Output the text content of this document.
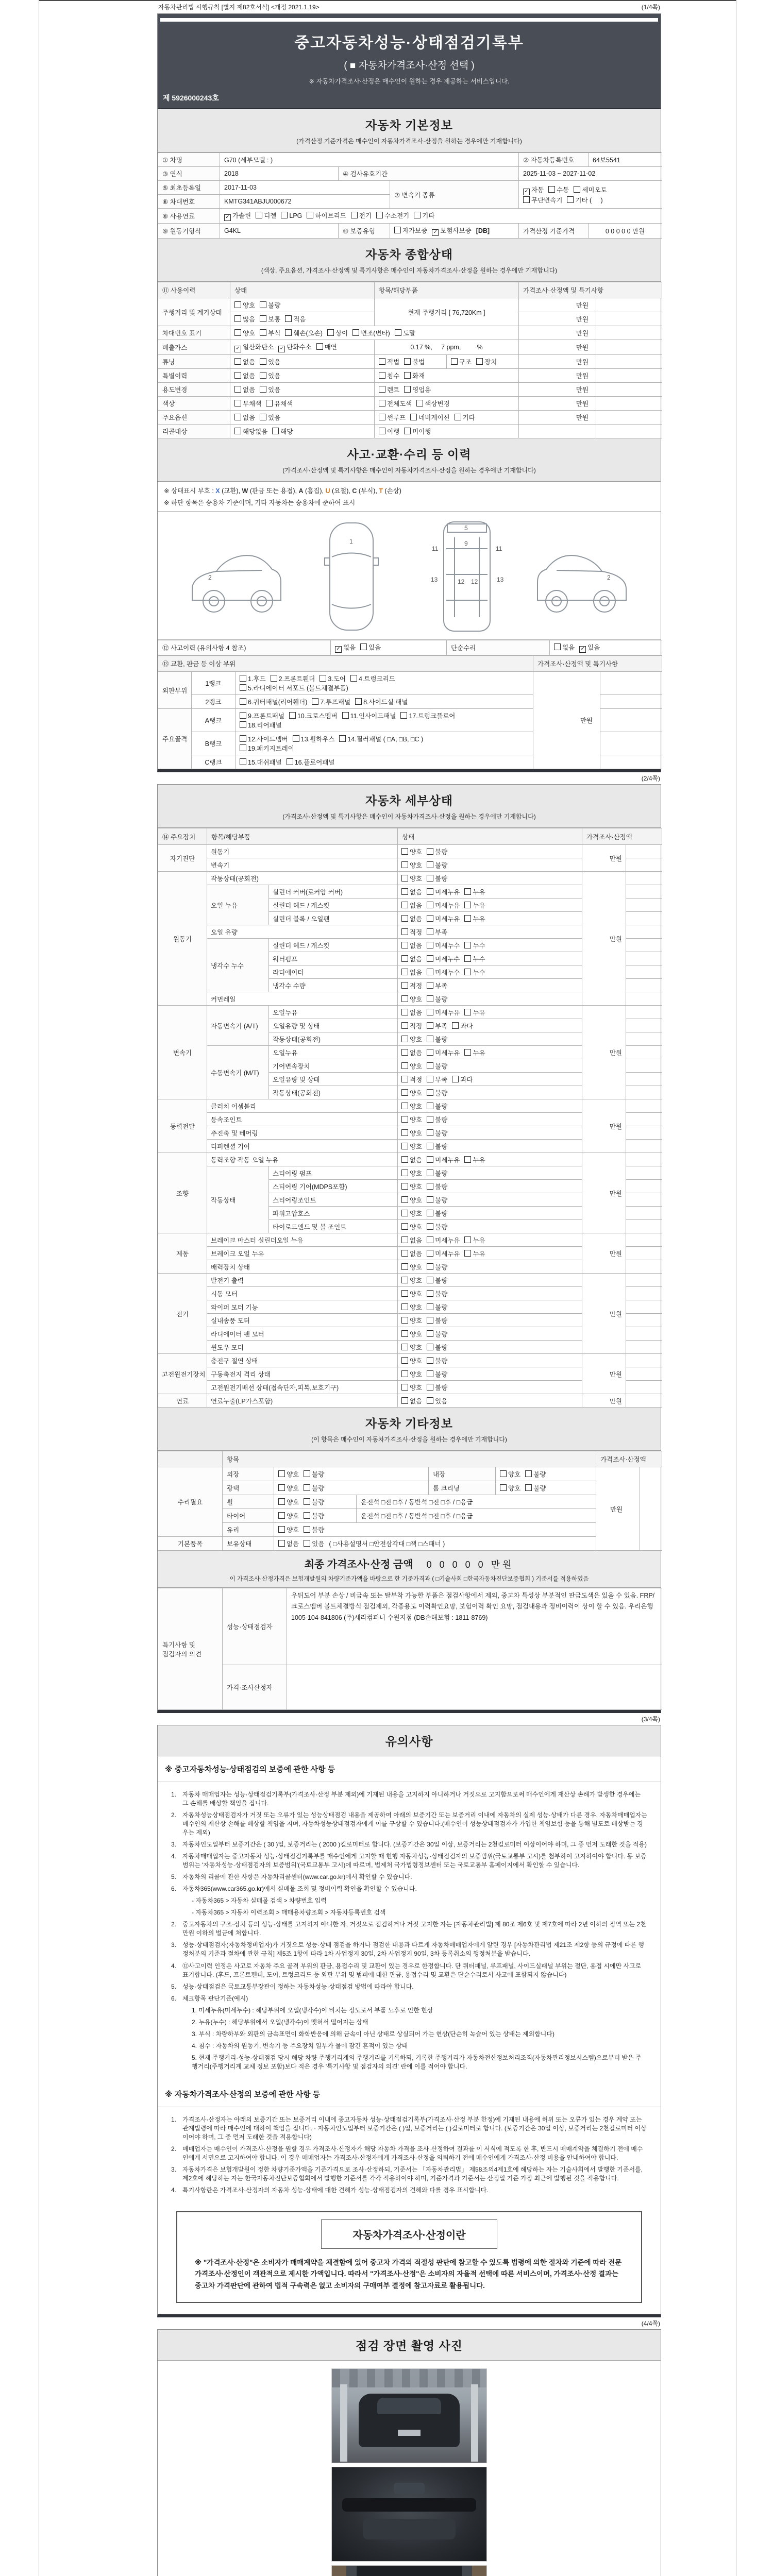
자동차관리법 시행규칙 [별지 제82호서식] <개정 2021.1.19>	(1/4쪽)
중고자동차성능·상태점검기록부
( ■ 자동차가격조사·산정 선택 )
※ 자동차가격조사·산정은 매수인이 원하는 경우 제공하는 서비스입니다.
제 5926000243호
자동차 기본정보
(가격산정 기준가격은 매수인이 자동차가격조사·산정을 원하는 경우에만 기재합니다)
① 차명	G70 (세부모델 : )			② 자동차등록번호	64보5541
③ 연식	2018	④ 검사유효기간		2025-11-03 ~ 2027-11-02	
⑤ 최초등록일	2017-11-03		⑦ 변속기 종류	✓ 자동 수동 세미오토
무단변속기 기타 (     )	

⑥ 차대번호	KMTG341ABJU000672				
⑧ 사용연료	✓ 가솔린 디젤 LPG 하이브리드 전기 수소전기 기타				
⑨ 원동기형식	G4KL	⑩ 보증유형	자가보증 ✓ 보험사보증 [DB]	가격산정 기준가격	0 0 0 0 0 만원
자동차 종합상태
(색상, 주요옵션, 가격조사·산정액 및 특기사항은 매수인이 자동차가격조사·산정을 원하는 경우에만 기재합니다)
⑪ 사용이력	상태	항목/해당부품	가격조사·산정액 및 특기사항	
주행거리 및 계기상태	양호 불량	현재 주행거리 [ 76,720Km ]	만원	
	많음 보통 적음		만원	
차대번호 표기	양호 부식 훼손(오손) 상이 변조(변타) 도말		만원	
배출가스	✓ 일산화탄소 ✓ 탄화수소 매연	0.17 %,     7 ppm,         %	만원	
튜닝	없음 있음	적법 불법 구조 장치	만원	
특별이력	없음 있음	침수 화재	만원	
용도변경	없음 있음	렌트 영업용	만원	
색상	무채색 유채색	전체도색 색상변경	만원	
주요옵션	없음 있음	썬루프 네비게이션 기타	만원	
리콜대상	해당없음 해당	이행 미이행		
사고·교환·수리 등 이력
(가격조사·산정액 및 특기사항은 매수인이 자동차가격조사·산정을 원하는 경우에만 기재합니다)
※ 상태표시 부호 : X (교환), W (판금 또는 용접), A (흠집), U (요철), C (부식), T (손상)
※ 하단 항목은 승용차 기준이며, 기타 자동차는 승용차에 준하여 표시
2
1
5
9
11	11
13	13
12 12
2
⑫ 사고이력 (유의사항 4 참조)	✓ 없음 있음	단순수리	없음 ✓ 있음
⑬ 교환, 판금 등 이상 부위			가격조사·산정액 및 특기사항	
외판부위	1랭크	1.후드 2.프론트휀더 3.도어 4.트렁크리드
5.라디에이터 서포트 (볼트체결부품)	만원	
	2랭크	6.쿼터패널(리어휀더) 7.루프패널 8.사이드실 패널		

주요골격	A랭크	9.프론트패널 10.크로스멤버 11.인사이드패널 17.트렁크플로어
18.리어패널		

	B랭크	12.사이드멤버 13.휠하우스 14.필러패널 ( □A, □B, □C )
19.패키지트레이		

	C랭크	15.대쉬패널 16.플로어패널		

(2/4쪽)
자동차 세부상태
(가격조사·산정액 및 특기사항은 매수인이 자동차가격조사·산정을 원하는 경우에만 기재합니다)
⑭ 주요장치	항목/해당부품		상태	가격조사·산정액	
자기진단	원동기		양호 불량	만원	
	변속기		양호 불량		
원동기	작동상태(공회전)		양호 불량	만원	
	오일 누유	실린더 커버(로커암 커버)	없음 미세누유 누유		
		실린더 헤드 / 개스킷	없음 미세누유 누유		
		실린더 블록 / 오일팬	없음 미세누유 누유		
	오일 유량		적정 부족		
	냉각수 누수	실린더 헤드 / 개스킷	없음 미세누수 누수		
		워터펌프	없음 미세누수 누수		
		라디에이터	없음 미세누수 누수		
		냉각수 수량	적정 부족		
	커먼레일		양호 불량		
변속기	자동변속기 (A/T)	오일누유	없음 미세누유 누유	만원	
		오일유량 및 상태	적정 부족 과다		
		작동상태(공회전)	양호 불량		
	수동변속기 (M/T)	오일누유	없음 미세누유 누유		
		기어변속장치	양호 불량		
		오일유량 및 상태	적정 부족 과다		
		작동상태(공회전)	양호 불량		
동력전달	클러치 어셈블리		양호 불량	만원	
	등속조인트		양호 불량		
	추진축 및 베어링		양호 불량		
	디퍼렌셜 기어		양호 불량		
조향	동력조향 작동 오일 누유		없음 미세누유 누유	만원	
	작동상태	스티어링 펌프	양호 불량		
		스티어링 기어(MDPS포함)	양호 불량		
		스티어링조인트	양호 불량		
		파워고압호스	양호 불량		
		타이로드엔드 및 볼 조인트	양호 불량		
제동	브레이크 마스터 실린더오일 누유		없음 미세누유 누유	만원	
	브레이크 오일 누유		없음 미세누유 누유		
	배력장치 상태		양호 불량		
전기	발전기 출력		양호 불량	만원	
	시동 모터		양호 불량		
	와이퍼 모터 기능		양호 불량		
	실내송풍 모터		양호 불량		
	라디에이터 팬 모터		양호 불량		
	윈도우 모터		양호 불량		
고전원전기장치	충전구 절연 상태		양호 불량	만원	
	구동축전지 격리 상태		양호 불량		
	고전원전기배선 상태(접속단자,피복,보호기구)		양호 불량		
연료	연료누출(LP가스포함)		없음 있음	만원	
자동차 기타정보
(이 항목은 매수인이 자동차가격조사·산정을 원하는 경우에만 기재합니다)
	항목					가격조사·산정액	
수리필요	외장	양호 불량		내장	양호 불량	만원	
	광택	양호 불량		룸 크리닝	양호 불량		
	휠	양호 불량	운전석 □전 □후 / 동반석 □전 □후 / □응급				
	타이어	양호 불량	운전석 □전 □후 / 동반석 □전 □후 / □응급				
	유리	양호 불량					
기본품목	보유상태	없음 있음 ( □사용설명서 □안전삼각대 □잭 □스패너 )					
최종 가격조사·산정 금액 0 0 0 0 0 만원
이 가격조사·산정가격은 보험개발원의 차량기준가액을 바탕으로 한 기준가격과 ( □기술사회 □한국자동차진단보증협회 ) 기준서를 적용하였음
특기사항 및 점검자의 의견	성능·상태점검자	우뒤도어 부분 손상 / 비금속 또는 탈부착 가능한 부품은 점검사항에서 제외, 중고차 특성상 부분적인 판금도색은 있을 수 있음. FRP/크로스멤버 볼트체결방식 점검제외, 각종용도 이력확인요망, 보험이력 확인 요망, 점검내용과 정비이력이 상이 할 수 있음. 우리은행 1005-104-841806 (주)세라컴퍼니 수원지점 (DB손해보험 : 1811-8769)
	가격·조사산정자	
(3/4쪽)
유의사항
※ 중고자동차성능·상태점검의 보증에 관한 사항 등
1. 자동차 매매업자는 성능·상태점검기록부(가격조사·산정 부분 제외)에 기재된 내용을 고지하지 아니하거나 거짓으로 고지함으로써 매수인에게 재산상 손해가 발생한 경우에는 그 손해를 배상할 책임을 집니다.
2. 자동차성능상태점검자가 거짓 또는 오류가 있는 성능상태점검 내용을 제공하여 아래의 보증기간 또는 보증거리 이내에 자동차의 실제 성능·상태가 다른 경우, 자동차매매업자는 매수인의 재산상 손해를 배상할 책임을 지며, 자동차성능상태점검자에게 이를 구상할 수 있습니다.(매수인이 성능상태점검자가 가입한 책임보험 등을 통해 별도로 배상받는 경우는 제외)
3. 자동차인도일부터 보증기간은 ( 30 )일, 보증거리는 ( 2000 )킬로미터로 합니다. (보증기간은 30일 이상, 보증거리는 2천킬로미터 이상이어야 하며, 그 중 먼저 도래한 것을 적용)
4. 자동차매매업자는 중고자동차 성능·상태점검기록부를 매수인에게 고지할 때 현행 자동차성능·상태점검자의 보증범위(국토교통부 고시)를 첨부하여 고지하여야 합니다. 동 보증범위는 '자동차성능·상태점검자의 보증범위'(국토교통부 고시)에 따르며, 법제처 국가법령정보센터 또는 국토교통부 홈페이지에서 확인할 수 있습니다.
5. 자동차의 리콜에 관한 사항은 자동차리콜센터(www.car.go.kr)에서 확인할 수 있습니다.
6. 자동차365(www.car365.go.kr)에서 실매물 조회 및 정비이력 확인을 확인할 수 있습니다.
- 자동차365 > 자동차 실매물 검색 > 차량번호 입력
- 자동차365 > 자동차 이력조회 > 매매용차량조회 > 자동차등록번호 검색
2. 중고자동차의 구조·장치 등의 성능·상태를 고지하지 아니한 자, 거짓으로 점검하거나 거짓 고지한 자는 [자동차관리법] 제 80조 제6호 및 제7호에 따라 2년 이하의 징역 또는 2천만원 이하의 벌금에 처합니다.
3. 성능·상태점검자(자동차정비업자)가 거짓으로 성능·상태 점검을 하거나 점검한 내용과 다르게 자동차매매업자에게 알린 경우 [자동차관리법 제21조 제2항 등의 규정에 따른 행정처분의 기준과 절차에 관한 규칙] 제5조 1항에 따라 1차 사업정지 30일, 2차 사업정지 90일, 3차 등록취소의 행정처분을 받습니다.
4. ⑫사고이력 인정은 사고로 자동차 주요 골격 부위의 판금, 용접수리 및 교환이 있는 경우로 한정합니다. 단 쿼터패널, 루프패널, 사이드실패널 부위는 절단, 용접 시에만 사고로 표기합니다. (후드, 프론트펜더, 도어, 트렁크리드 등 외판 부위 및 범퍼에 대한 판금, 용접수리 및 교환은 단순수리로서 사고에 포함되지 않습니다)
5. 성능·상태점검은 국토교통부장관이 정하는 자동차성능·상태점검 방법에 따라야 합니다.
6. 체크항목 판단기준(예시)
1. 미세누유(미세누수) : 해당부위에 오일(냉각수)이 비치는 정도로서 부품 노후로 인한 현상
2. 누유(누수) : 해당부위에서 오일(냉각수)이 맺혀서 떨어지는 상태
3. 부식 : 차량하부와 외판의 금속표면이 화학반응에 의해 금속이 아닌 상태로 상실되어 가는 현상(단순히 녹슬어 있는 상태는 제외합니다)
4. 침수 : 자동차의 원동기, 변속기 등 주요장치 일부가 물에 잠긴 흔적이 있는 상태
5. 현재 주행거리·성능·상태점검 당시 해당 차량 주행거리계의 주행거리를 기록하되, 기록한 주행거리가 자동차전산정보처리조직(자동차관리정보시스템)으로부터 받은 주행거리(주행거리계 교체 정보 포함)보다 적은 경우 '특기사항 및 점검자의 의견' 란에 이를 적어야 합니다.
※ 자동차가격조사·산정의 보증에 관한 사항 등
1. 가격조사·산정자는 아래의 보증기간 또는 보증거리 이내에 중고자동차 성능·상태점검기록부(가격조사·산정 부분 한정)에 기재된 내용에 허위 또는 오류가 있는 경우 계약 또는 관계법령에 따라 매수인에 대하여 책임을 집니다. · 자동차인도일부터 보증기간은 ( )일, 보증거리는 ( )킬로미터로 합니다. (보증기간은 30일 이상, 보증거리는 2천킬로미터 이상이어야 하며, 그 중 먼저 도래한 것을 적용합니다)
2. 매매업자는 매수인이 가격조사·산정을 원할 경우 가격조사·산정자가 해당 자동차 가격을 조사·산정하여 결과를 이 서식에 적도록 한 후, 반드시 매매계약을 체결하기 전에 매수인에게 서면으로 고지하여야 합니다. 이 경우 매매업자는 가격조사·산정자에게 가격조사·산정을 의뢰하기 전에 매수인에게 가격조사·산정 비용을 안내하여야 합니다.
3. 자동차가격은 보험개발원이 정한 차량기준가액을 기준가격으로 조사·산정하되, 기준서는 「자동차관리법」 제58조의4제1호에 해당하는 자는 기술사회에서 발행한 기준서를, 제2호에 해당하는 자는 한국자동차진단보증협회에서 발행한 기준서를 각각 적용하여야 하며, 기준가격과 기준서는 산정일 기준 가장 최근에 발행된 것을 적용합니다.
4. 특기사항란은 가격조사·산정자의 자동차 성능·상태에 대한 견해가 성능·상태점검자의 견해와 다를 경우 표시합니다.
자동차가격조사·산정이란
※ "가격조사·산정"은 소비자가 매매계약을 체결함에 있어 중고차 가격의 적절성 판단에 참고할 수 있도록 법령에 의한 절차와 기준에 따라 전문 가격조사·산정인이 객관적으로 제시한 가액입니다. 따라서 "가격조사·산정"은 소비자의 자율적 선택에 따른 서비스이며, 가격조사·산정 결과는 중고차 가격판단에 관하여 법적 구속력은 없고 소비자의 구매여부 결정에 참고자료로 활용됩니다.
(4/4쪽)
점검 장면 촬영 사진
